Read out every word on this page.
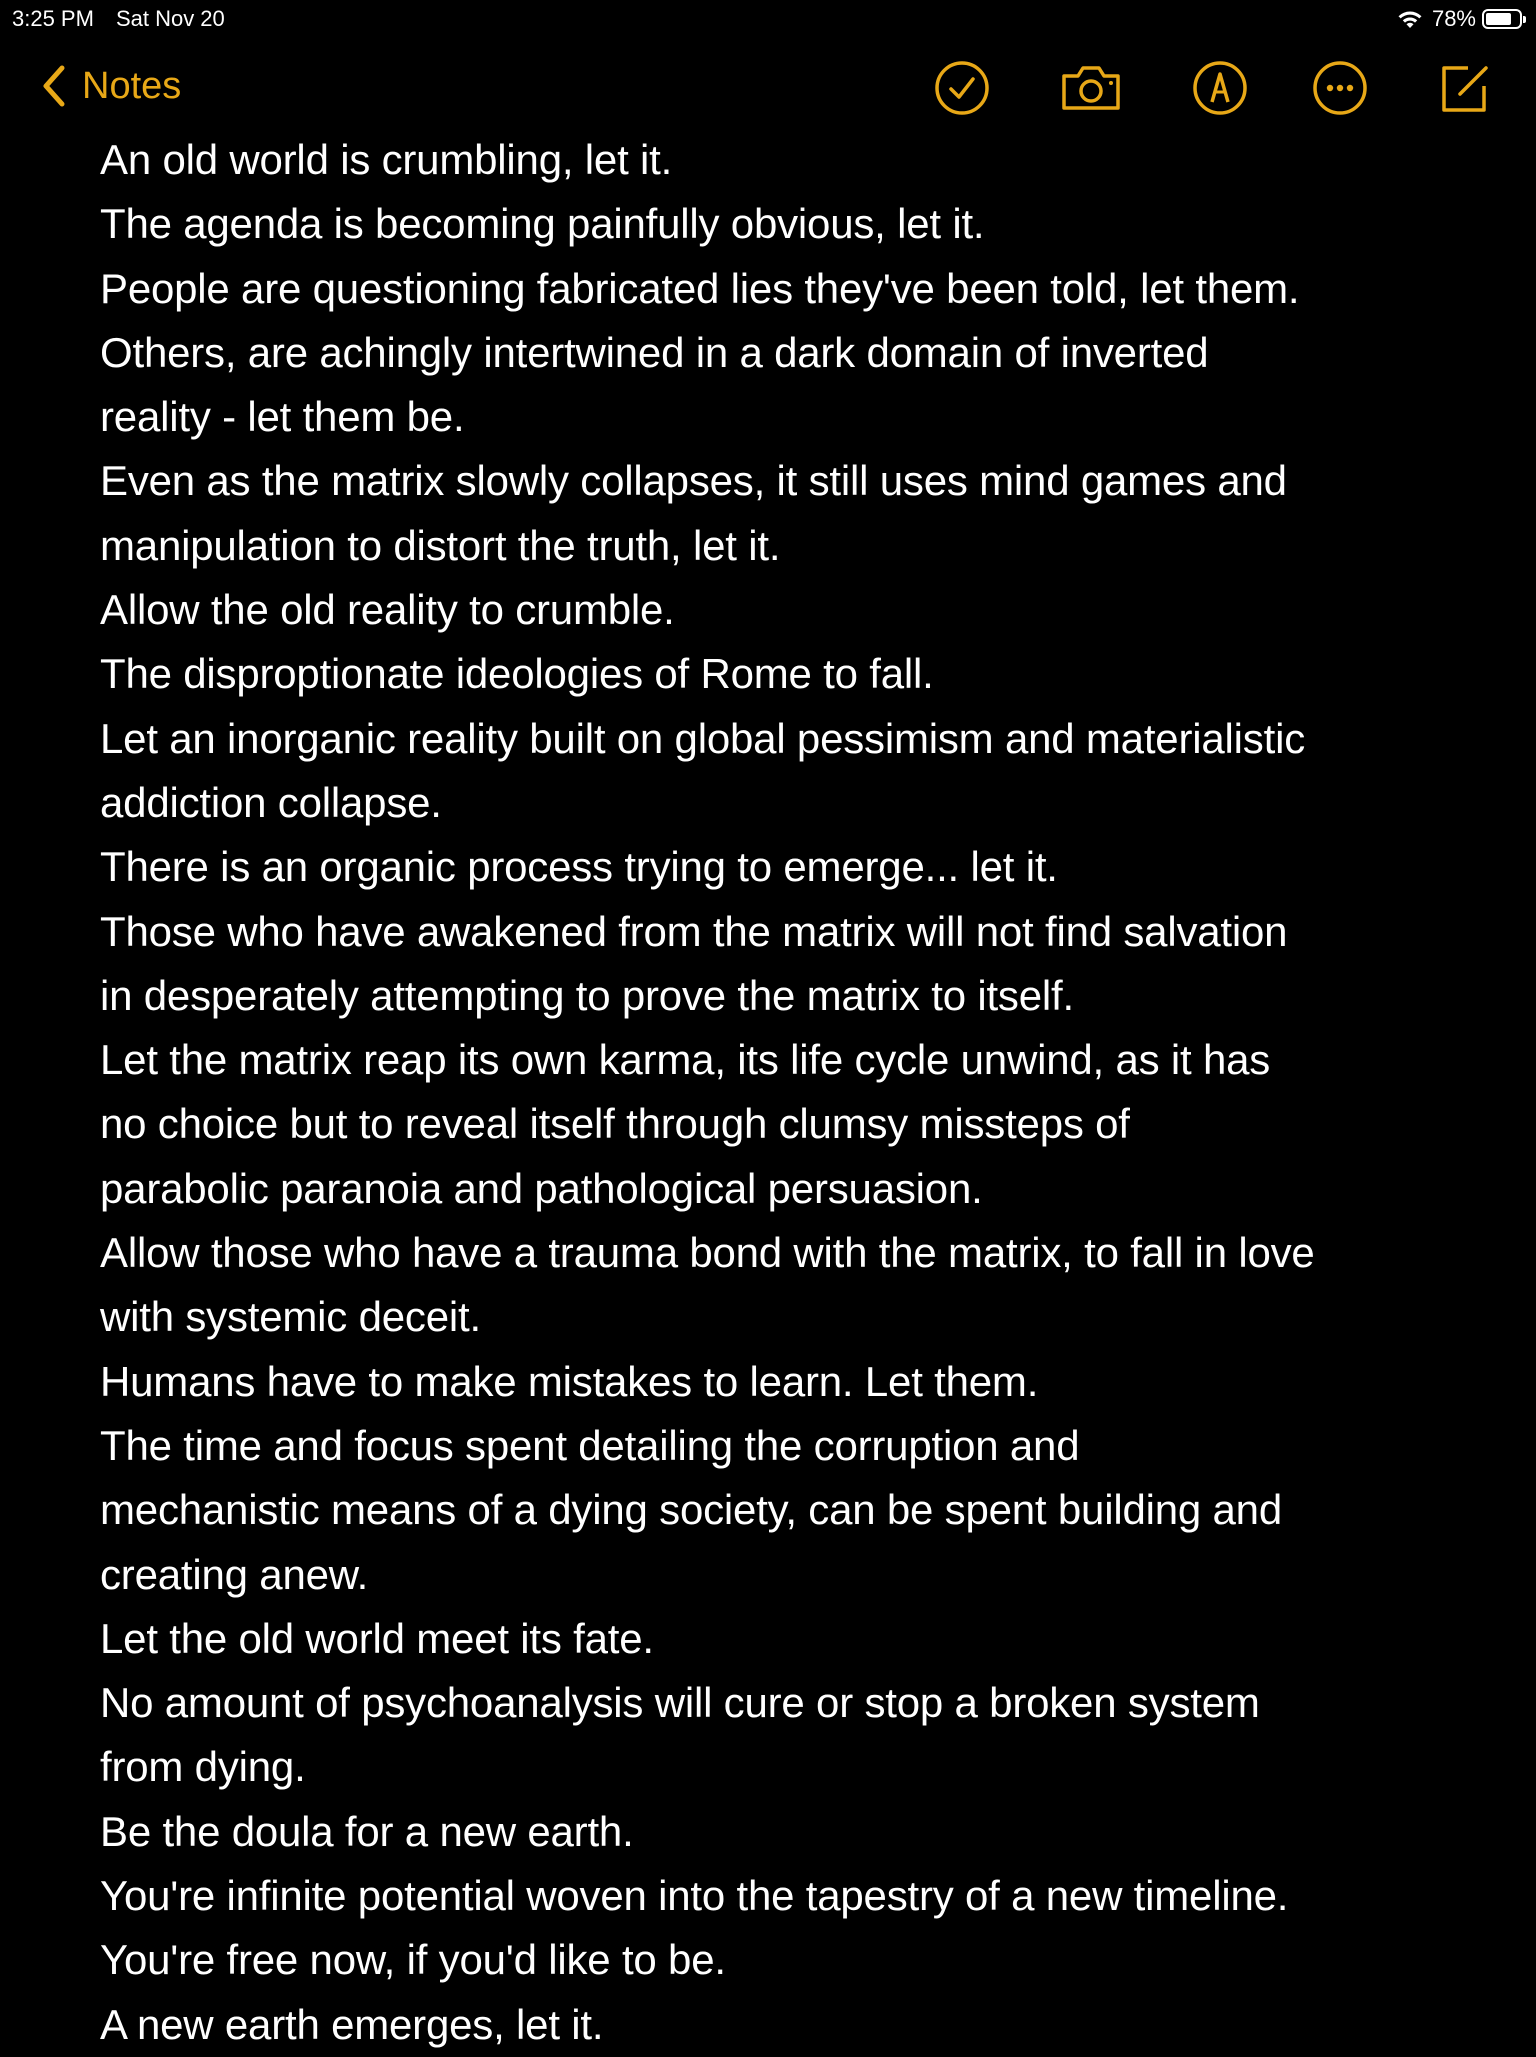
3:25 PM Sat Nov 20	78%
Notes

An old world is crumbling, let it.

The agenda is becoming painfully obvious, let it.

People are questioning fabricated lies they've been told, let them.

Others, are achingly intertwined in a dark domain of inverted

reality - let them be.

Even as the matrix slowly collapses, it still uses mind games and

manipulation to distort the truth, let it.

Allow the old reality to crumble.

The disproptionate ideologies of Rome to fall.

Let an inorganic reality built on global pessimism and materialistic

addiction collapse.

There is an organic process trying to emerge... let it.

Those who have awakened from the matrix will not find salvation

in desperately attempting to prove the matrix to itself.

Let the matrix reap its own karma, its life cycle unwind, as it has

no choice but to reveal itself through clumsy missteps of

parabolic paranoia and pathological persuasion.

Allow those who have a trauma bond with the matrix, to fall in love

with systemic deceit.

Humans have to make mistakes to learn. Let them.

The time and focus spent detailing the corruption and

mechanistic means of a dying society, can be spent building and

creating anew.

Let the old world meet its fate.

No amount of psychoanalysis will cure or stop a broken system

from dying.

Be the doula for a new earth.

You're infinite potential woven into the tapestry of a new timeline.

You're free now, if you'd like to be.

A new earth emerges, let it.
